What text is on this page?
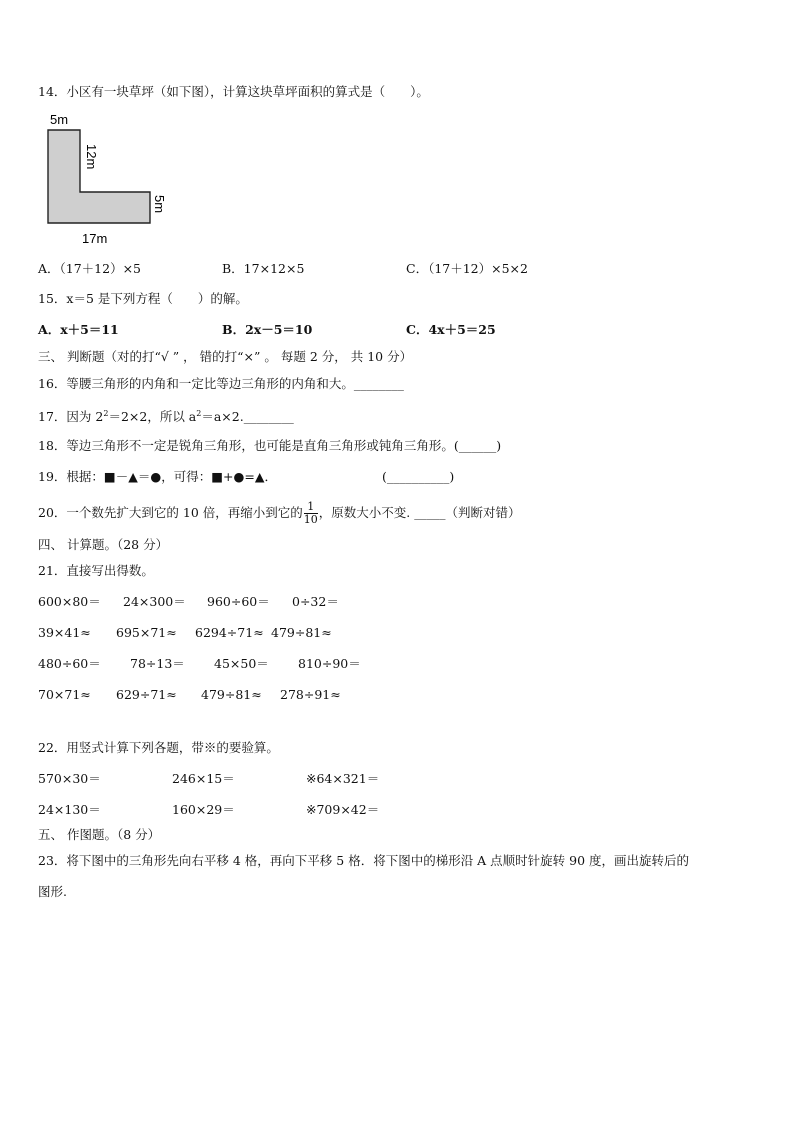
14．小区有一块草坪（如下图），计算这块草坪面积的算式是（　　）。
5m
12m
5m
17m
A．（17＋12）×5	B．17×12×5	C．（17＋12）×5×2
15．x＝5 是下列方程（　　）的解。
A．x＋5＝11	B．2x－5＝10	C．4x＋5＝25
三、 判断题（对的打“√ ” ， 错的打“×” 。 每题 2 分， 共 10 分）
16．等腰三角形的内角和一定比等边三角形的内角和大。________
17．因为 $2^2=2\times 2$，所以 $a^2=a\times 2.\_\_\_\_\_\_\_\_$
18．等边三角形不一定是锐角三角形，也可能是直角三角形或钝角三角形。(______)
19．根据：■－▲＝●，可得：■+●=▲．	(__________)
20．一个数先扩大到它的 10 倍，再缩小到它的 $\frac{1}{10}$ ，原数大小不变. _____（判断对错）
四、 计算题。（28 分）
21．直接写出得数。
600×80＝ 24×300＝ 960÷60＝ 0÷32＝
39×41≈ 695×71≈ 6294÷71≈ 479÷81≈
480÷60＝ 78÷13＝ 45×50＝ 810÷90＝
70×71≈ 629÷71≈ 479÷81≈ 278÷91≈
22．用竖式计算下列各题，带※的要验算。
570×30＝	246×15＝	※64×321＝
24×130＝	160×29＝	※709×42＝
五、 作图题。（8 分）
23．将下图中的三角形先向右平移 4 格，再向下平移 5 格．将下图中的梯形沿 A 点顺时针旋转 90 度，画出旋转后的
图形.
